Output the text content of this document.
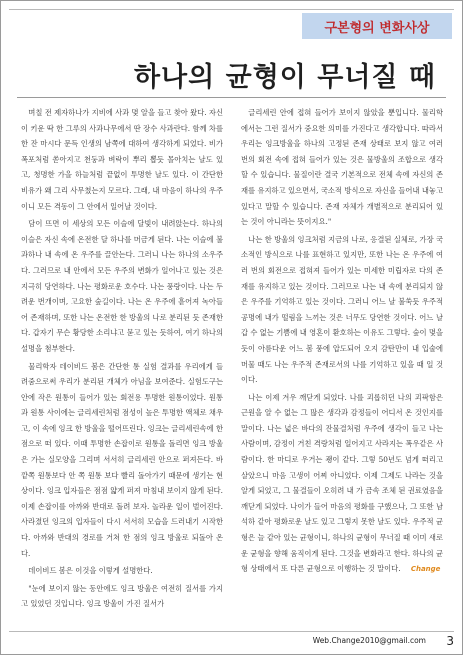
구본형의 변화사상
하나의 균형이 무너질 때

며칠 전 제자하나가 지비에 사과 몇 알을 들고 찾아 왔다. 자신이 키운 딱 한 그루의 사과나무에서 딴 장수 사과란다. 함께 차를 한 잔 마시다 문득 인생의 남쪽에 대하여 생각하게 되었다. 비가 폭포처럼 쏟아지고 천둥과 벼락이 뿌리 뽑듯 몰아치는 날도 있고, 청명한 가을 하늘처럼 끝없이 투명한 날도 있다. 이 간단한 비유가 왜 그리 사무쳤는지 모르다. 그래, 내 마음이 하나의 우주이니 모든 격동이 그 안에서 일어날 것이다.

담이 뜨면 이 세상의 모든 이슬에 달빛이 내려앉는다. 하나의 이슬은 자신 속에 온전한 달 하나를 머금게 된다. 나는 이슬에 불과하나 내 속에 온 우주를 끌안는다. 그러니 나는 하나의 소우주다. 그러므로 내 안에서 모든 우주의 변화가 일어나고 있는 것은 지극히 당연하다. 나는 평화로운 호수다. 나는 풍랑이다. 나는 두려운 번개이며, 고요한 숲길이다. 나는 온 우주에 흩어져 녹아들어 존재하며, 또한 나는 온전한 한 방울의 나로 분리된 듯 존재한다. 갑자기 무슨 황당한 소리냐고 묻고 있는 듯하여, 여기 하나의 설명을 첨부한다.

물리학자 데이비드 봄은 간단한 통 실험 결과를 우리에게 들려줌으로써 우리가 분리된 개체가 아님을 보여준다. 실험도구는 안에 작은 원통이 들어가 있는 회전용 투명한 원통이었다. 원통과 원통 사이에는 글리세린처럼 점성이 높은 투명한 액체로 채우고, 이 속에 잉크 한 방울을 떨어뜨린다. 잉크는 글리세린속에 한 점으로 떠 있다. 이때 투명한 손잡이로 원통을 돌리면 잉크 방울은 가는 실모양을 그리며 서서히 글리세린 안으로 퍼져든다. 바깥쪽 원통보다 안 쪽 원통 보다 빨리 돌아가기 때문에 생기는 현상이다. 잉크 입자들은 점점 얇게 퍼져 마침내 보이지 않게 된다. 이제 손잡이를 아까와 반대로 돌려 보자. 놀라운 일이 벌어진다. 사라졌던 잉크의 입자들이 다시 서서히 모습을 드러내기 시작한다. 아까와 반대의 경로를 거쳐 한 점의 잉크 방울로 되돌아 온다.

데이비드 봄은 이것을 이렇게 설명한다.

"눈에 보이지 않는 동안에도 잉크 방울은 여전히 질서를 가지고 있었던 것입니다. 잉크 방울이 가진 질서가

글리세린 안에 접혀 들어가 보이지 않았을 뿐입니다. 물리학에서는 그런 질서가 중요한 의미를 가진다고 생각합니다. 따라서 우리는 잉크방울을 하나의 고정된 존재 상태로 보지 않고 여러 번의 회전 속에 접혀 들어가 있는 것은 물방울의 조합으로 생각할 수 있습니다. 물질이란 결국 기본적으로 전체 속에 자신의 존재를 유지하고 있으면서, 국소적 방식으로 자신을 들어내 내놓고 있다고 말할 수 있습니다. 존재 자체가 개별적으로 분리되어 있는 것이 아니라는 뜻이지요."

나는 한 방울의 잉크처럼 지금의 나로, 응결된 실체로, 가장 국소적인 방식으로 나를 표현하고 있지만, 또한 나는 온 우주에 여러 번의 회전으로 접혀져 들어가 있는 미세한 미립자로 다의 존재를 유지하고 있는 것이다. 그러므로 나는 내 속에 분리되지 않은 우주를 기억하고 있는 것이다. 그러니 어느 날 불쑥듯 우주적 공명에 내가 떨림을 느끼는 것은 너무도 당연한 것이다. 어느 날 갑 수 없는 기쁨에 내 영혼이 환호하는 이유도 그렇다. 숲이 몇을 듯이 아름다운 어느 봄 풍에 압도되어 오지 감탄만이 내 입술에 머물 때도 나는 우주적 존재로서의 나를 기억하고 있을 때 일 것이다.

나는 이제 겨우 깨닫게 되었다. 나를 괴롭히던 나의 괴팍함은 근원을 알 수 없는 그 많은 생각과 감정들이 어디서 온 것인지를 말이다. 나는 넓은 바다의 잔물결처럼 우주에 생각이 들고 나는 사람이며, 감정이 거친 격랑처럼 일어지고 사라지는 폭우같은 사람이다. 한 마디로 우거는 괭이 같다. 그렇 50년도 넘게 떠리고 살았으니 마음 고생이 어찌 아니었다. 이제 그제도 나라는 것을 알게 되었고, 그 물결들이 오히려 내 가 금속 조체 된 권료였음을 깨닫게 되었다. 나이가 들어 마음의 평화를 구했으나, 그 또한 남석하 같아 평화로운 날도 있고 그렇지 못한 날도 있다. 우주적 균형은 늘 같아 있는 균형이니, 하나의 균형이 무너질 때 이미 새로운 균형을 향해 움직이게 된다. 그것을 변화라고 한다. 하나의 균형 상태에서 또 다른 균형으로 이행하는 것 말이다. Change

Web.Change2010@gmail.com 3
